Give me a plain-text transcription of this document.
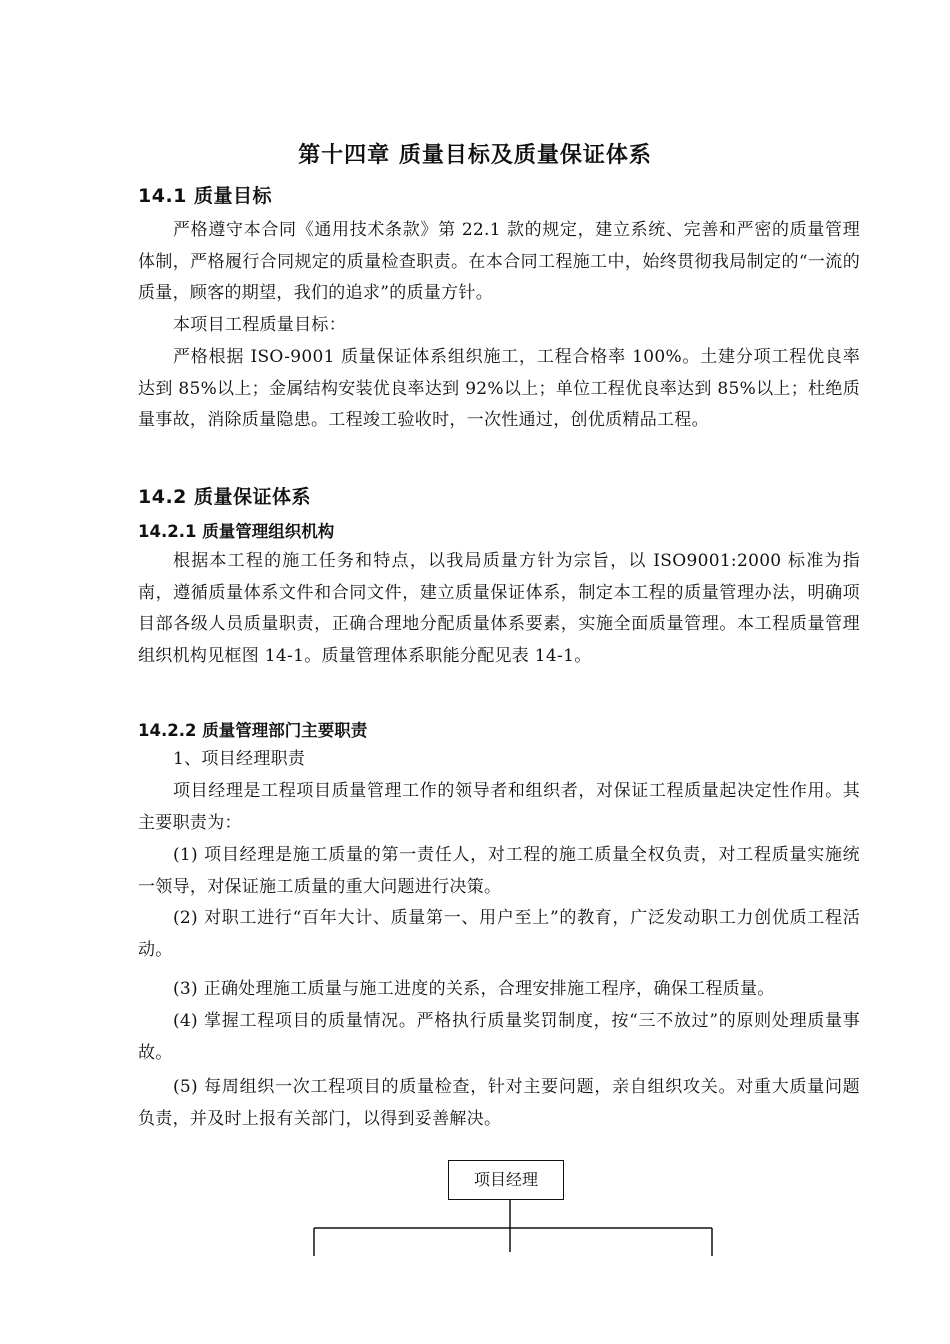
第十四章 质量目标及质量保证体系
14.1 质量目标

严格遵守本合同《通用技术条款》第 22.1 款的规定，建立系统、完善和严密的质量管理体制，严格履行合同规定的质量检查职责。在本合同工程施工中，始终贯彻我局制定的“一流的质量，顾客的期望，我们的追求”的质量方针。

本项目工程质量目标：

严格根据 ISO-9001 质量保证体系组织施工，工程合格率 100%。土建分项工程优良率达到 85%以上；金属结构安装优良率达到 92%以上；单位工程优良率达到 85%以上；杜绝质量事故，消除质量隐患。工程竣工验收时，一次性通过，创优质精品工程。

14.2 质量保证体系
14.2.1 质量管理组织机构

根据本工程的施工任务和特点，以我局质量方针为宗旨，以 ISO9001:2000 标准为指南，遵循质量体系文件和合同文件，建立质量保证体系，制定本工程的质量管理办法，明确项目部各级人员质量职责，正确合理地分配质量体系要素，实施全面质量管理。本工程质量管理组织机构见框图 14-1。质量管理体系职能分配见表 14-1。

14.2.2 质量管理部门主要职责

1、项目经理职责

项目经理是工程项目质量管理工作的领导者和组织者，对保证工程质量起决定性作用。其主要职责为：

(1) 项目经理是施工质量的第一责任人，对工程的施工质量全权负责，对工程质量实施统一领导，对保证施工质量的重大问题进行决策。

(2) 对职工进行“百年大计、质量第一、用户至上”的教育，广泛发动职工力创优质工程活动。

(3) 正确处理施工质量与施工进度的关系，合理安排施工程序，确保工程质量。

(4) 掌握工程项目的质量情况。严格执行质量奖罚制度，按“三不放过”的原则处理质量事故。

(5) 每周组织一次工程项目的质量检查，针对主要问题，亲自组织攻关。对重大质量问题负责，并及时上报有关部门，以得到妥善解决。

项目经理
